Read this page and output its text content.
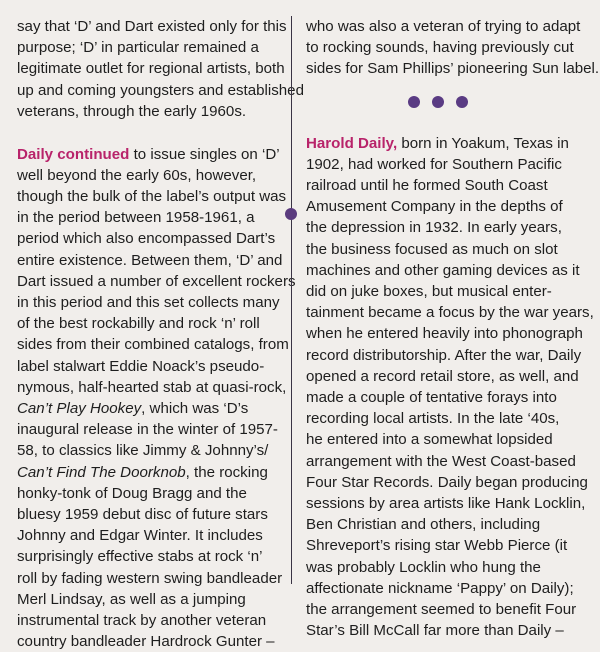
say that ‘D’ and Dart existed only for this
purpose; ‘D’ in particular remained a
legitimate outlet for regional artists, both
up and coming youngsters and established
veterans, through the early 1960s.
Daily continued to issue singles on ‘D’
well beyond the early 60s, however,
though the bulk of the label’s output was
in the period between 1958-1961, a
period which also encompassed Dart’s
entire existence. Between them, ‘D’ and
Dart issued a number of excellent rockers
in this period and this set collects many
of the best rockabilly and rock ‘n’ roll
sides from their combined catalogs, from
label stalwart Eddie Noack’s pseudo-
nymous, half-hearted stab at quasi-rock,
Can’t Play Hookey, which was ‘D’s
inaugural release in the winter of 1957-
58, to classics like Jimmy & Johnny’s/
Can’t Find The Doorknob, the rocking
honky-tonk of Doug Bragg and the
bluesy 1959 debut disc of future stars
Johnny and Edgar Winter. It includes
surprisingly effective stabs at rock ‘n’
roll by fading western swing bandleader
Merl Lindsay, as well as a jumping
instrumental track by another veteran
country bandleader Hardrock Gunter –
who was also a veteran of trying to adapt
to rocking sounds, having previously cut
sides for Sam Phillips’ pioneering Sun label.
Harold Daily, born in Yoakum, Texas in
1902, had worked for Southern Pacific
railroad until he formed South Coast
Amusement Company in the depths of
the depression in 1932. In early years,
the business focused as much on slot
machines and other gaming devices as it
did on juke boxes, but musical enter-
tainment became a focus by the war years,
when he entered heavily into phonograph
record distributorship. After the war, Daily
opened a record retail store, as well, and
made a couple of tentative forays into
recording local artists. In the late ‘40s,
he entered into a somewhat lopsided
arrangement with the West Coast-based
Four Star Records. Daily began producing
sessions by area artists like Hank Locklin,
Ben Christian and others, including
Shreveport’s rising star Webb Pierce (it
was probably Locklin who hung the
affectionate nickname ‘Pappy’ on Daily);
the arrangement seemed to benefit Four
Star’s Bill McCall far more than Daily –
